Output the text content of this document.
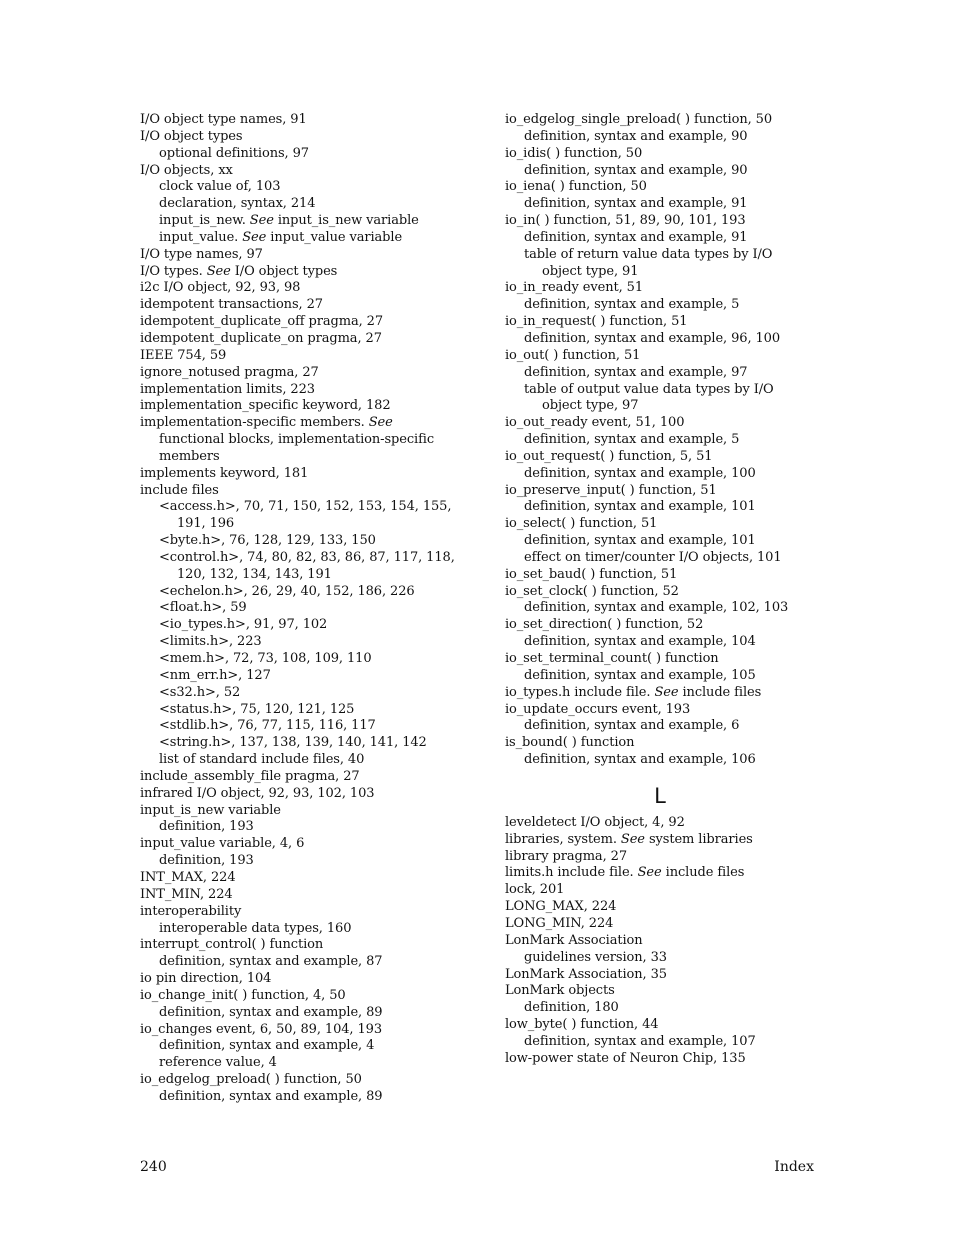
I/O object type names, 91
I/O object types
optional definitions, 97
I/O objects, xx
clock value of, 103
declaration, syntax, 214
input_is_new. See input_is_new variable
input_value. See input_value variable
I/O type names, 97
I/O types. See I/O object types
i2c I/O object, 92, 93, 98
idempotent transactions, 27
idempotent_duplicate_off pragma, 27
idempotent_duplicate_on pragma, 27
IEEE 754, 59
ignore_notused pragma, 27
implementation limits, 223
implementation_specific keyword, 182
implementation-specific members. See
functional blocks, implementation-specific
members
implements keyword, 181
include files
<access.h>, 70, 71, 150, 152, 153, 154, 155,
191, 196
<byte.h>, 76, 128, 129, 133, 150
<control.h>, 74, 80, 82, 83, 86, 87, 117, 118,
120, 132, 134, 143, 191
<echelon.h>, 26, 29, 40, 152, 186, 226
<float.h>, 59
<io_types.h>, 91, 97, 102
<limits.h>, 223
<mem.h>, 72, 73, 108, 109, 110
<nm_err.h>, 127
<s32.h>, 52
<status.h>, 75, 120, 121, 125
<stdlib.h>, 76, 77, 115, 116, 117
<string.h>, 137, 138, 139, 140, 141, 142
list of standard include files, 40
include_assembly_file pragma, 27
infrared I/O object, 92, 93, 102, 103
input_is_new variable
definition, 193
input_value variable, 4, 6
definition, 193
INT_MAX, 224
INT_MIN, 224
interoperability
interoperable data types, 160
interrupt_control( ) function
definition, syntax and example, 87
io pin direction, 104
io_change_init( ) function, 4, 50
definition, syntax and example, 89
io_changes event, 6, 50, 89, 104, 193
definition, syntax and example, 4
reference value, 4
io_edgelog_preload( ) function, 50
definition, syntax and example, 89
io_edgelog_single_preload( ) function, 50
definition, syntax and example, 90
io_idis( ) function, 50
definition, syntax and example, 90
io_iena( ) function, 50
definition, syntax and example, 91
io_in( ) function, 51, 89, 90, 101, 193
definition, syntax and example, 91
table of return value data types by I/O
object type, 91
io_in_ready event, 51
definition, syntax and example, 5
io_in_request( ) function, 51
definition, syntax and example, 96, 100
io_out( ) function, 51
definition, syntax and example, 97
table of output value data types by I/O
object type, 97
io_out_ready event, 51, 100
definition, syntax and example, 5
io_out_request( ) function, 5, 51
definition, syntax and example, 100
io_preserve_input( ) function, 51
definition, syntax and example, 101
io_select( ) function, 51
definition, syntax and example, 101
effect on timer/counter I/O objects, 101
io_set_baud( ) function, 51
io_set_clock( ) function, 52
definition, syntax and example, 102, 103
io_set_direction( ) function, 52
definition, syntax and example, 104
io_set_terminal_count( ) function
definition, syntax and example, 105
io_types.h include file. See include files
io_update_occurs event, 193
definition, syntax and example, 6
is_bound( ) function
definition, syntax and example, 106
L
leveldetect I/O object, 4, 92
libraries, system. See system libraries
library pragma, 27
limits.h include file. See include files
lock, 201
LONG_MAX, 224
LONG_MIN, 224
LonMark Association
guidelines version, 33
LonMark Association, 35
LonMark objects
definition, 180
low_byte( ) function, 44
definition, syntax and example, 107
low-power state of Neuron Chip, 135
240	Index
